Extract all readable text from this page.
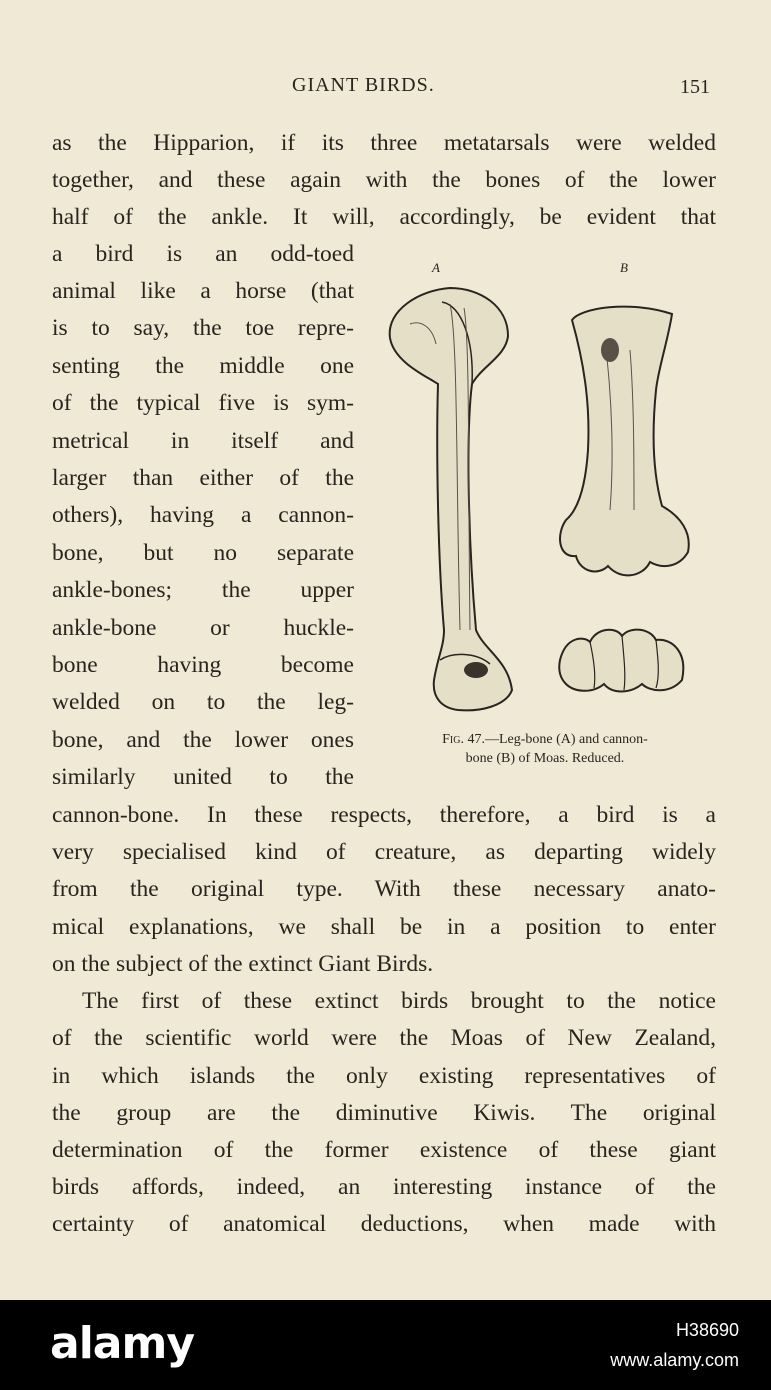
GIANT BIRDS.	151
as the Hipparion, if its three metatarsals were welded
together, and these again with the bones of the lower
half of the ankle. It will, accordingly, be evident that
a bird is an odd-toed
animal like a horse (that
is to say, the toe repre-
senting the middle one
of the typical five is sym-
metrical in itself and
larger than either of the
others), having a cannon-
bone, but no separate
ankle-bones; the upper
ankle-bone or huckle-
bone having become
welded on to the leg-
bone, and the lower ones
similarly united to the
cannon-bone. In these respects, therefore, a bird is a
very specialised kind of creature, as departing widely
from the original type. With these necessary anato-
mical explanations, we shall be in a position to enter
on the subject of the extinct Giant Birds.
The first of these extinct birds brought to the notice
of the scientific world were the Moas of New Zealand,
in which islands the only existing representatives of
the group are the diminutive Kiwis. The original
determination of the former existence of these giant
birds affords, indeed, an interesting instance of the
certainty of anatomical deductions, when made with
A	B
Fig. 47.—Leg-bone (A) and cannon-
bone (B) of Moas. Reduced.
alamy	H38690
www.alamy.com
